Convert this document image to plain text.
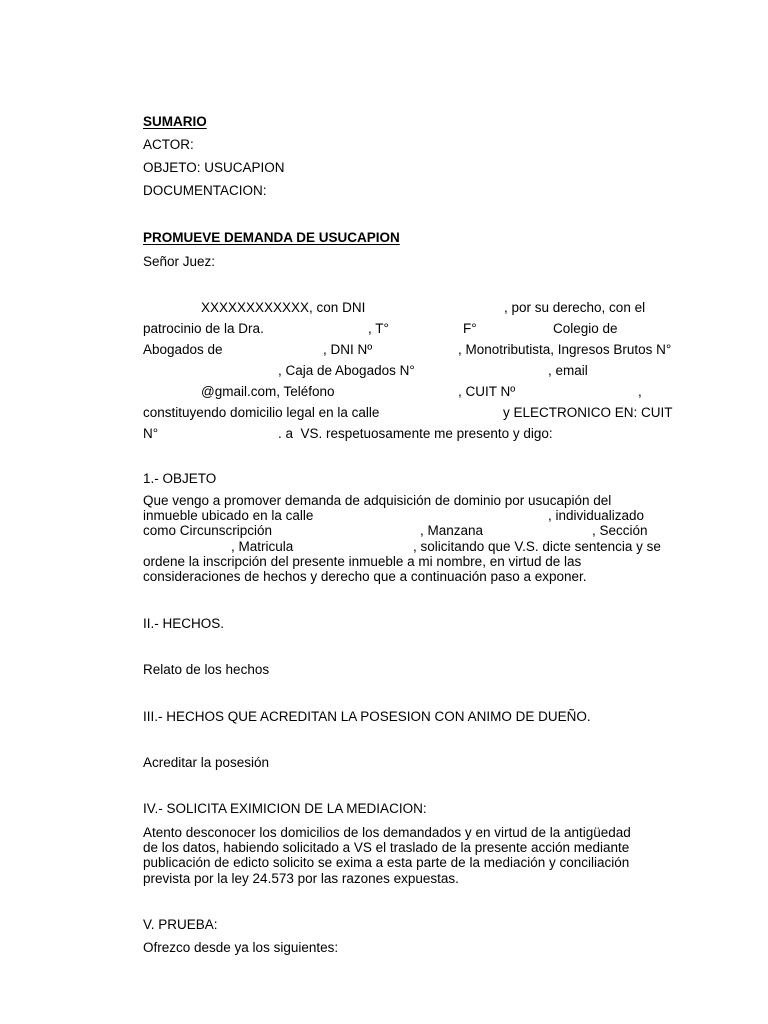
SUMARIO
ACTOR:
OBJETO: USUCAPION
DOCUMENTACION:
PROMUEVE DEMANDA DE USUCAPION
Señor Juez:
XXXXXXXXXXXX, con DNI	, por su derecho, con el
patrocinio de la Dra.	, T°	F°	Colegio de
Abogados de	, DNI Nº	, Monotributista, Ingresos Brutos N°
, Caja de Abogados N°	, email
@gmail.com, Teléfono	, CUIT Nº	,
constituyendo domicilio legal en la calle	y ELECTRONICO EN: CUIT
N°	. a  VS. respetuosamente me presento y digo:
1.- OBJETO
Que vengo a promover demanda de adquisición de dominio por usucapión del
inmueble ubicado en la calle	, individualizado
como Circunscripción	, Manzana	, Sección
, Matricula	, solicitando que V.S. dicte sentencia y se
ordene la inscripción del presente inmueble a mi nombre, en virtud de las
consideraciones de hechos y derecho que a continuación paso a exponer.
II.- HECHOS.
Relato de los hechos
III.- HECHOS QUE ACREDITAN LA POSESION CON ANIMO DE DUEÑO.
Acreditar la posesión
IV.- SOLICITA EXIMICION DE LA MEDIACION:
Atento desconocer los domicilios de los demandados y en virtud de la antigüedad
de los datos, habiendo solicitado a VS el traslado de la presente acción mediante
publicación de edicto solicito se exima a esta parte de la mediación y conciliación
prevista por la ley 24.573 por las razones expuestas.
V. PRUEBA:
Ofrezco desde ya los siguientes:
